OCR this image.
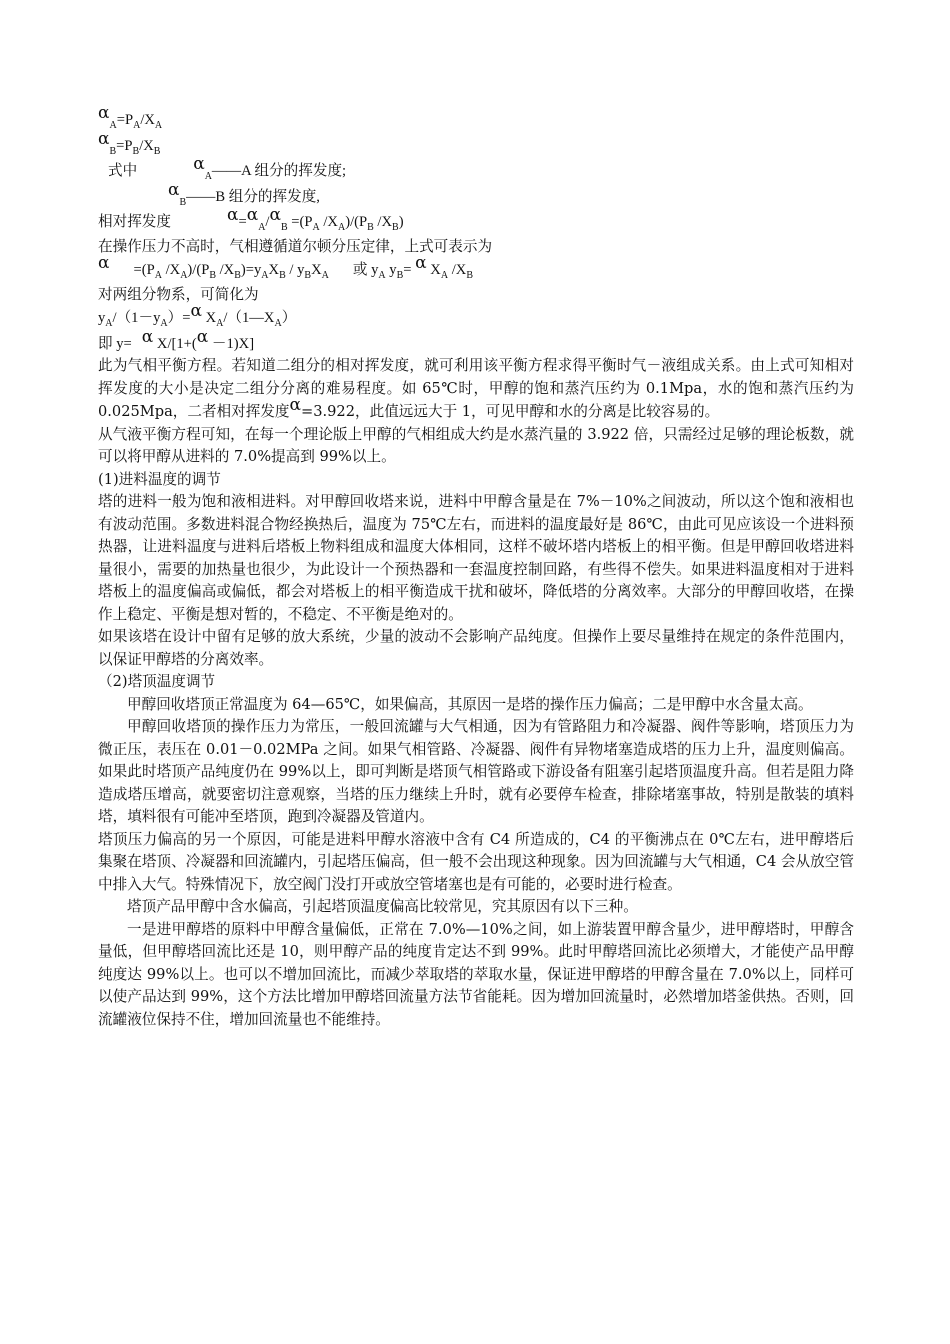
$\alpha_A=P_A/X_A$
$\alpha_B=P_B/X_B$
式中	$\alpha_A——A$ 组分的挥发度;
$\alpha_B——B$ 组分的挥发度,
相对挥发度	$\alpha=\alpha_A/\alpha_B =(P_A$ $/X_A)/(P_B$ $/X_B$)
在操作压力不高时，气相遵循道尔顿分压定律，上式可表示为
$\alpha =(P_A$ $/X_A)/(P_B$ $/X_B)=y_AX_B / y_BX_A$ 或 $y_A$ $y_B= \alpha$ $X_A$ $/X_B$
对两组分物系，可简化为
$y_A/(1-y_A)=\alpha$ $X_A/(1—X_A)$
即 y= α X/[1+(α －1)X]
此为气相平衡方程。若知道二组分的相对挥发度，就可利用该平衡方程求得平衡时气－液组成关系。由上式可知相对挥发度的大小是决定二组分分离的难易程度。如 65℃时，甲醇的饱和蒸汽压约为 0.1Mpa，水的饱和蒸汽压约为 0.025Mpa，二者相对挥发度α=3.922，此值远远大于 1，可见甲醇和水的分离是比较容易的。
从气液平衡方程可知，在每一个理论版上甲醇的气相组成大约是水蒸汽量的 3.922 倍，只需经过足够的理论板数，就可以将甲醇从进料的 7.0%提高到 99%以上。
(1)进料温度的调节
塔的进料一般为饱和液相进料。对甲醇回收塔来说，进料中甲醇含量是在 7%－10%之间波动，所以这个饱和液相也有波动范围。多数进料混合物经换热后，温度为 75℃左右，而进料的温度最好是 86℃，由此可见应该设一个进料预热器，让进料温度与进料后塔板上物料组成和温度大体相同，这样不破坏塔内塔板上的相平衡。但是甲醇回收塔进料量很小，需要的加热量也很少，为此设计一个预热器和一套温度控制回路，有些得不偿失。如果进料温度相对于进料塔板上的温度偏高或偏低，都会对塔板上的相平衡造成干扰和破坏，降低塔的分离效率。大部分的甲醇回收塔，在操作上稳定、平衡是想对暂的，不稳定、不平衡是绝对的。
如果该塔在设计中留有足够的放大系统，少量的波动不会影响产品纯度。但操作上要尽量维持在规定的条件范围内，以保证甲醇塔的分离效率。
（2)塔顶温度调节
甲醇回收塔顶正常温度为 64—65℃，如果偏高，其原因一是塔的操作压力偏高；二是甲醇中水含量太高。
甲醇回收塔顶的操作压力为常压，一般回流罐与大气相通，因为有管路阻力和冷凝器、阀件等影响，塔顶压力为微正压，表压在 0.01－0.02MPa 之间。如果气相管路、冷凝器、阀件有异物堵塞造成塔的压力上升，温度则偏高。如果此时塔顶产品纯度仍在 99%以上，即可判断是塔顶气相管路或下游设备有阻塞引起塔顶温度升高。但若是阻力降造成塔压增高，就要密切注意观察，当塔的压力继续上升时，就有必要停车检查，排除堵塞事故，特别是散装的填料塔，填料很有可能冲至塔顶，跑到冷凝器及管道内。
塔顶压力偏高的另一个原因，可能是进料甲醇水溶液中含有 C4 所造成的，C4 的平衡沸点在 0℃左右，进甲醇塔后集聚在塔顶、冷凝器和回流罐内，引起塔压偏高，但一般不会出现这种现象。因为回流罐与大气相通，C4 会从放空管中排入大气。特殊情况下，放空阀门没打开或放空管堵塞也是有可能的，必要时进行检查。
塔顶产品甲醇中含水偏高，引起塔顶温度偏高比较常见，究其原因有以下三种。
一是进甲醇塔的原料中甲醇含量偏低，正常在 7.0%—10%之间，如上游装置甲醇含量少，进甲醇塔时，甲醇含量低，但甲醇塔回流比还是 10，则甲醇产品的纯度肯定达不到 99%。此时甲醇塔回流比必须增大，才能使产品甲醇纯度达 99%以上。也可以不增加回流比，而减少萃取塔的萃取水量，保证进甲醇塔的甲醇含量在 7.0%以上，同样可以使产品达到 99%，这个方法比增加甲醇塔回流量方法节省能耗。因为增加回流量时，必然增加塔釜供热。否则，回流罐液位保持不住，增加回流量也不能维持。
